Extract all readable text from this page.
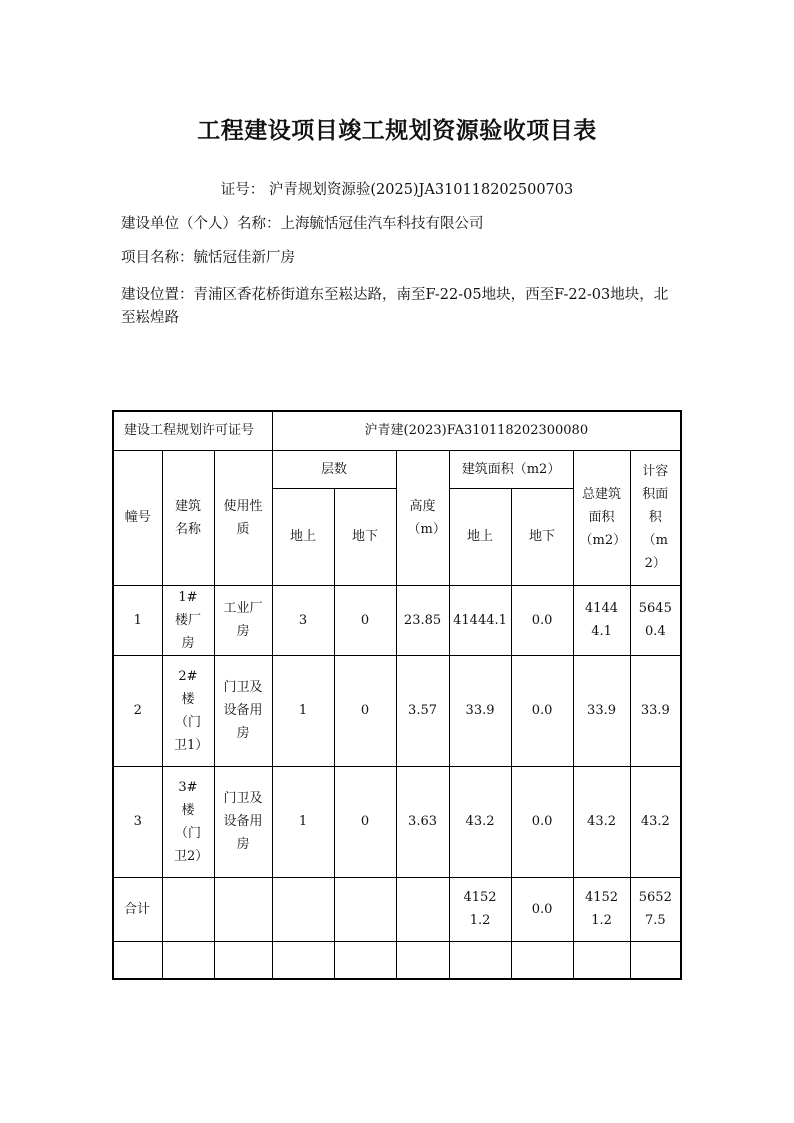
工程建设项目竣工规划资源验收项目表
证号： 沪青规划资源验(2025)JA310118202500703
建设单位（个人）名称：上海毓恬冠佳汽车科技有限公司
项目名称：毓恬冠佳新厂房
建设位置：青浦区香花桥街道东至崧达路，南至F-22-05地块，西至F-22-03地块，北至崧煌路
建设工程规划许可证号			沪青建(2023)FA310118202300080						
幢号	建筑名称	使用性质	层数		高度（m）	建筑面积（m2）		总建筑面积（m2）	计容积面积（m2）
			地上	地下		地上	地下		
1	1#楼厂房	工业厂房	3	0	23.85	41444.1	0.0	41444.1	56450.4
2	2#楼（门卫1）	门卫及设备用房	1	0	3.57	33.9	0.0	33.9	33.9
3	3#楼（门卫2）	门卫及设备用房	1	0	3.63	43.2	0.0	43.2	43.2
合计						41521.2	0.0	41521.2	56527.5
